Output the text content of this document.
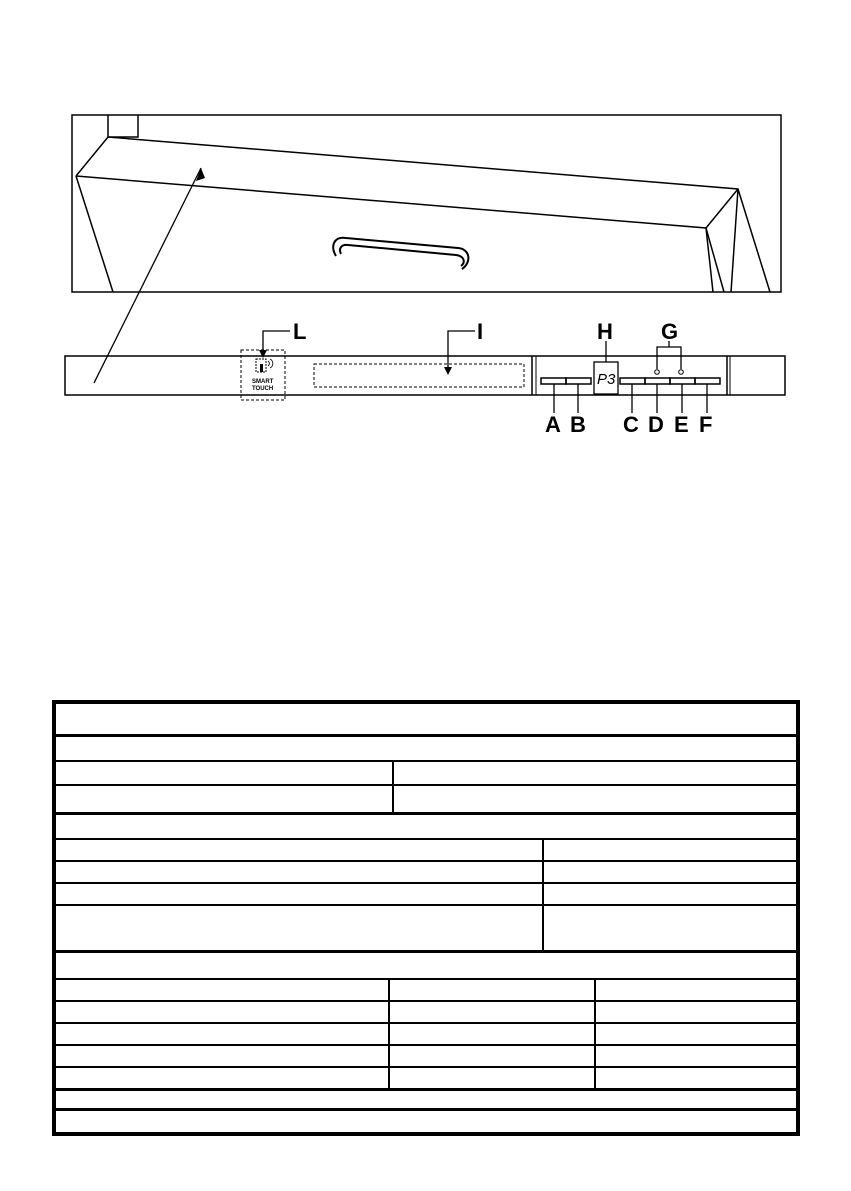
SMART
TOUCH
P3
L	I	H G
A B C D E F
